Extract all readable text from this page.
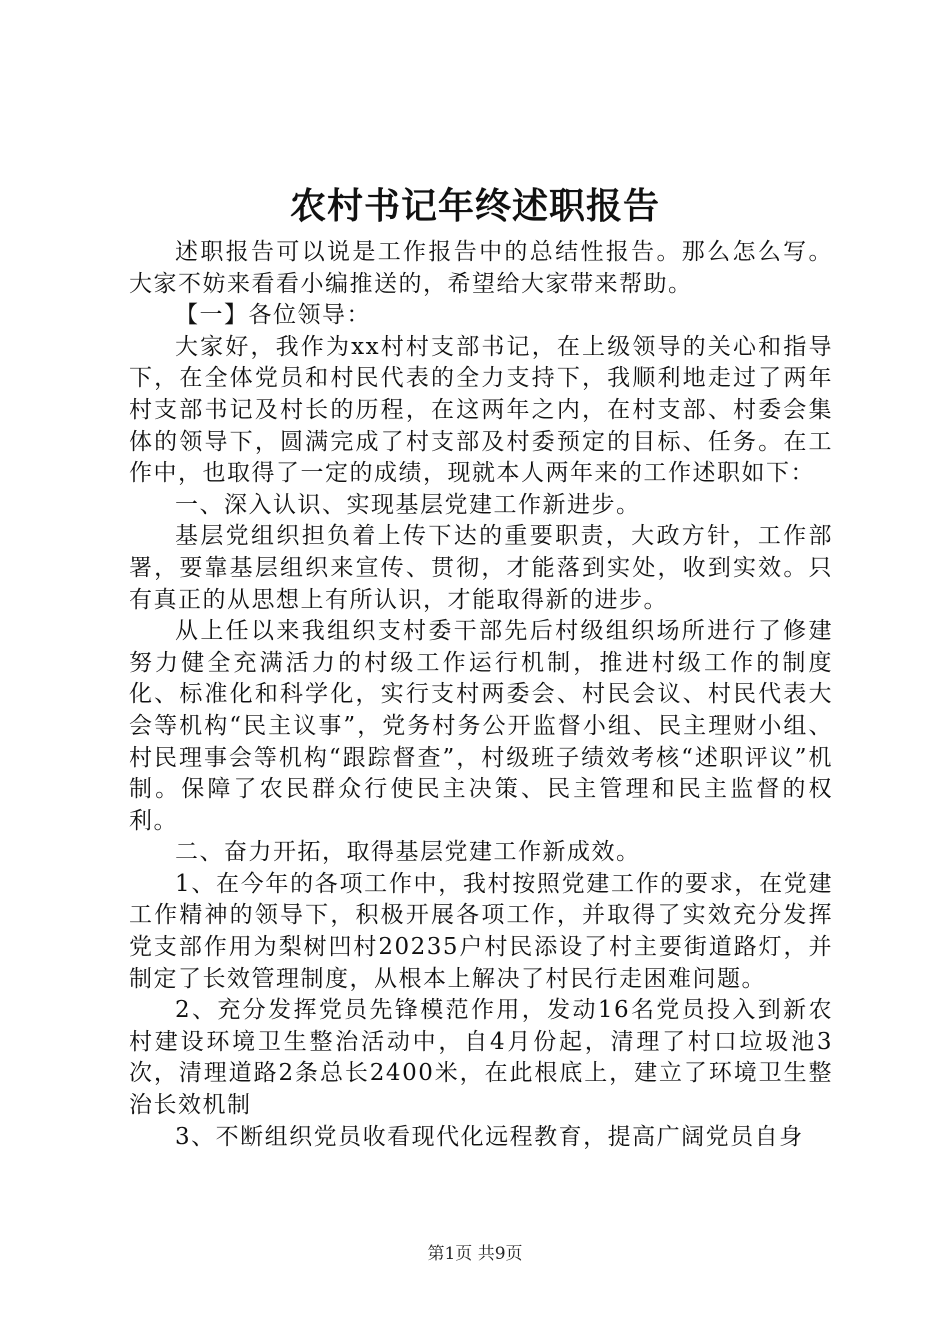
农村书记年终述职报告

述职报告可以说是工作报告中的总结性报告。那么怎么写。大家不妨来看看小编推送的，希望给大家带来帮助。

【一】各位领导：

大家好，我作为xx村村支部书记，在上级领导的关心和指导下，在全体党员和村民代表的全力支持下，我顺利地走过了两年村支部书记及村长的历程，在这两年之内，在村支部、村委会集体的领导下，圆满完成了村支部及村委预定的目标、任务。在工作中，也取得了一定的成绩，现就本人两年来的工作述职如下：

一、深入认识、实现基层党建工作新进步。

基层党组织担负着上传下达的重要职责，大政方针，工作部署，要靠基层组织来宣传、贯彻，才能落到实处，收到实效。只有真正的从思想上有所认识，才能取得新的进步。

从上任以来我组织支村委干部先后村级组织场所进行了修建努力健全充满活力的村级工作运行机制，推进村级工作的制度化、标准化和科学化，实行支村两委会、村民会议、村民代表大会等机构“民主议事”，党务村务公开监督小组、民主理财小组、村民理事会等机构“跟踪督查”，村级班子绩效考核“述职评议”机制。保障了农民群众行使民主决策、民主管理和民主监督的权利。

二、奋力开拓，取得基层党建工作新成效。

1、在今年的各项工作中，我村按照党建工作的要求，在党建工作精神的领导下，积极开展各项工作，并取得了实效充分发挥党支部作用为梨树凹村20235户村民添设了村主要街道路灯，并制定了长效管理制度，从根本上解决了村民行走困难问题。

2、充分发挥党员先锋模范作用，发动16名党员投入到新农村建设环境卫生整治活动中，自4月份起，清理了村口垃圾池3次，清理道路2条总长2400米，在此根底上，建立了环境卫生整治长效机制

3、不断组织党员收看现代化远程教育，提高广阔党员自身

第1页 共9页
